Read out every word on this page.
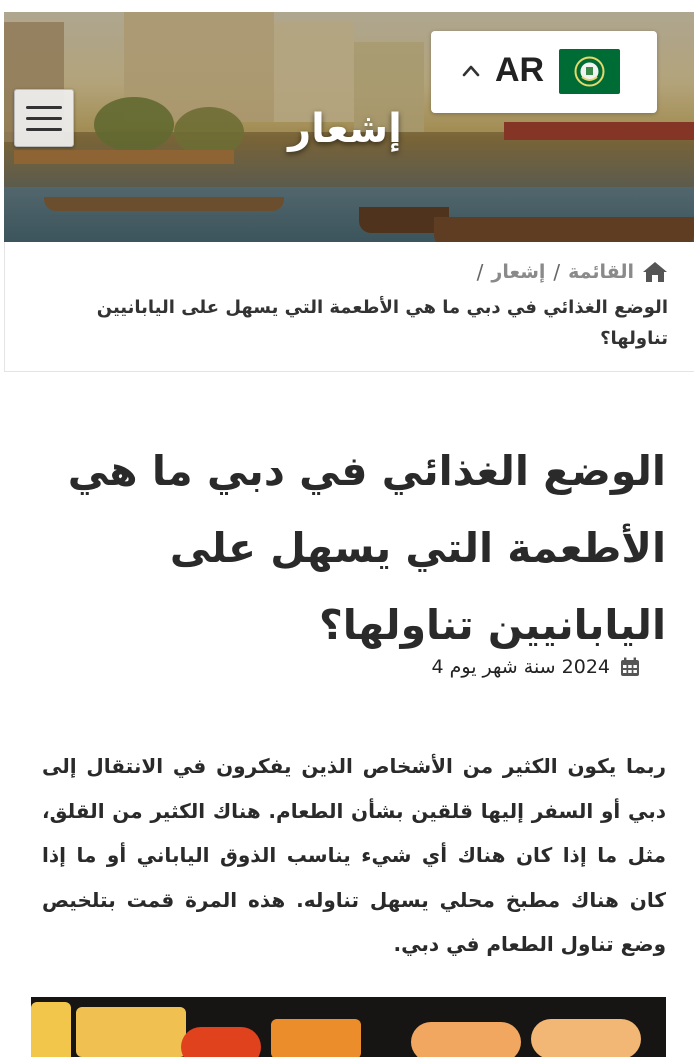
إشعار
AR
القائمة
/
إشعار
/
الوضع الغذائي في دبي ما هي الأطعمة التي يسهل على اليابانيين تناولها؟
الوضع الغذائي في دبي ما هي الأطعمة التي يسهل على اليابانيين تناولها؟
2024 سنة شهر يوم 4

ربما يكون الكثير من الأشخاص الذين يفكرون في الانتقال إلى دبي أو السفر إليها قلقين بشأن الطعام. هناك الكثير من القلق، مثل ما إذا كان هناك أي شيء يناسب الذوق الياباني أو ما إذا كان هناك مطبخ محلي يسهل تناوله. هذه المرة قمت بتلخيص وضع تناول الطعام في دبي.
